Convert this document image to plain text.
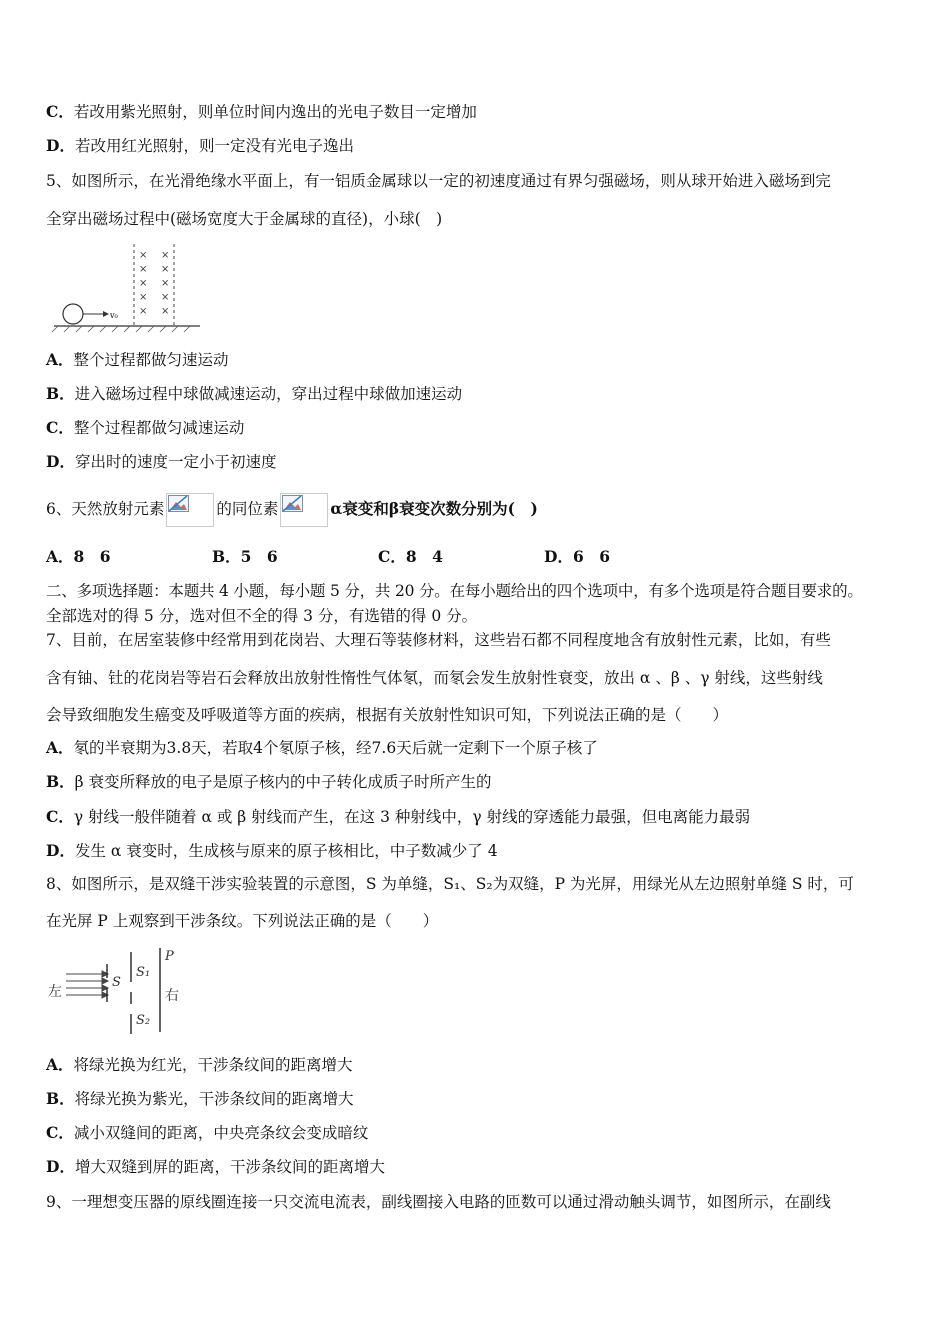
C．若改用紫光照射，则单位时间内逸出的光电子数目一定增加
D．若改用红光照射，则一定没有光电子逸出
5、如图所示，在光滑绝缘水平面上，有一铝质金属球以一定的初速度通过有界匀强磁场，则从球开始进入磁场到完
全穿出磁场过程中(磁场宽度大于金属球的直径)，小球(　)
v₀
× ×
× ×
× ×
× ×
× ×
A．整个过程都做匀速运动
B．进入磁场过程中球做减速运动，穿出过程中球做加速运动
C．整个过程都做匀减速运动
D．穿出时的速度一定小于初速度
6、天然放射元素	的同位素	α衰变和β衰变次数分别为(　)
A．8　6	B．5　6	C．8　4	D．6　6
二、多项选择题：本题共 4 小题，每小题 5 分，共 20 分。在每小题给出的四个选项中，有多个选项是符合题目要求的。
全部选对的得 5 分，选对但不全的得 3 分，有选错的得 0 分。
7、目前，在居室装修中经常用到花岗岩、大理石等装修材料，这些岩石都不同程度地含有放射性元素，比如，有些
含有铀、钍的花岗岩等岩石会释放出放射性惰性气体氡，而氡会发生放射性衰变，放出 α 、β 、γ 射线，这些射线
会导致细胞发生癌变及呼吸道等方面的疾病，根据有关放射性知识可知，下列说法正确的是（　　）
A．氡的半衰期为3.8天，若取4个氡原子核，经7.6天后就一定剩下一个原子核了
B．β 衰变所释放的电子是原子核内的中子转化成质子时所产生的
C．γ 射线一般伴随着 α 或 β 射线而产生，在这 3 种射线中，γ 射线的穿透能力最强，但电离能力最弱
D．发生 α 衰变时，生成核与原来的原子核相比，中子数减少了 4
8、如图所示，是双缝干涉实验装置的示意图，S 为单缝，S₁、S₂为双缝，P 为光屏，用绿光从左边照射单缝 S 时，可
在光屏 P 上观察到干涉条纹。下列说法正确的是（　　）
左
S
S₁
S₂
P
右
A．将绿光换为红光，干涉条纹间的距离增大
B．将绿光换为紫光，干涉条纹间的距离增大
C．减小双缝间的距离，中央亮条纹会变成暗纹
D．增大双缝到屏的距离，干涉条纹间的距离增大
9、一理想变压器的原线圈连接一只交流电流表，副线圈接入电路的匝数可以通过滑动触头调节，如图所示，在副线
